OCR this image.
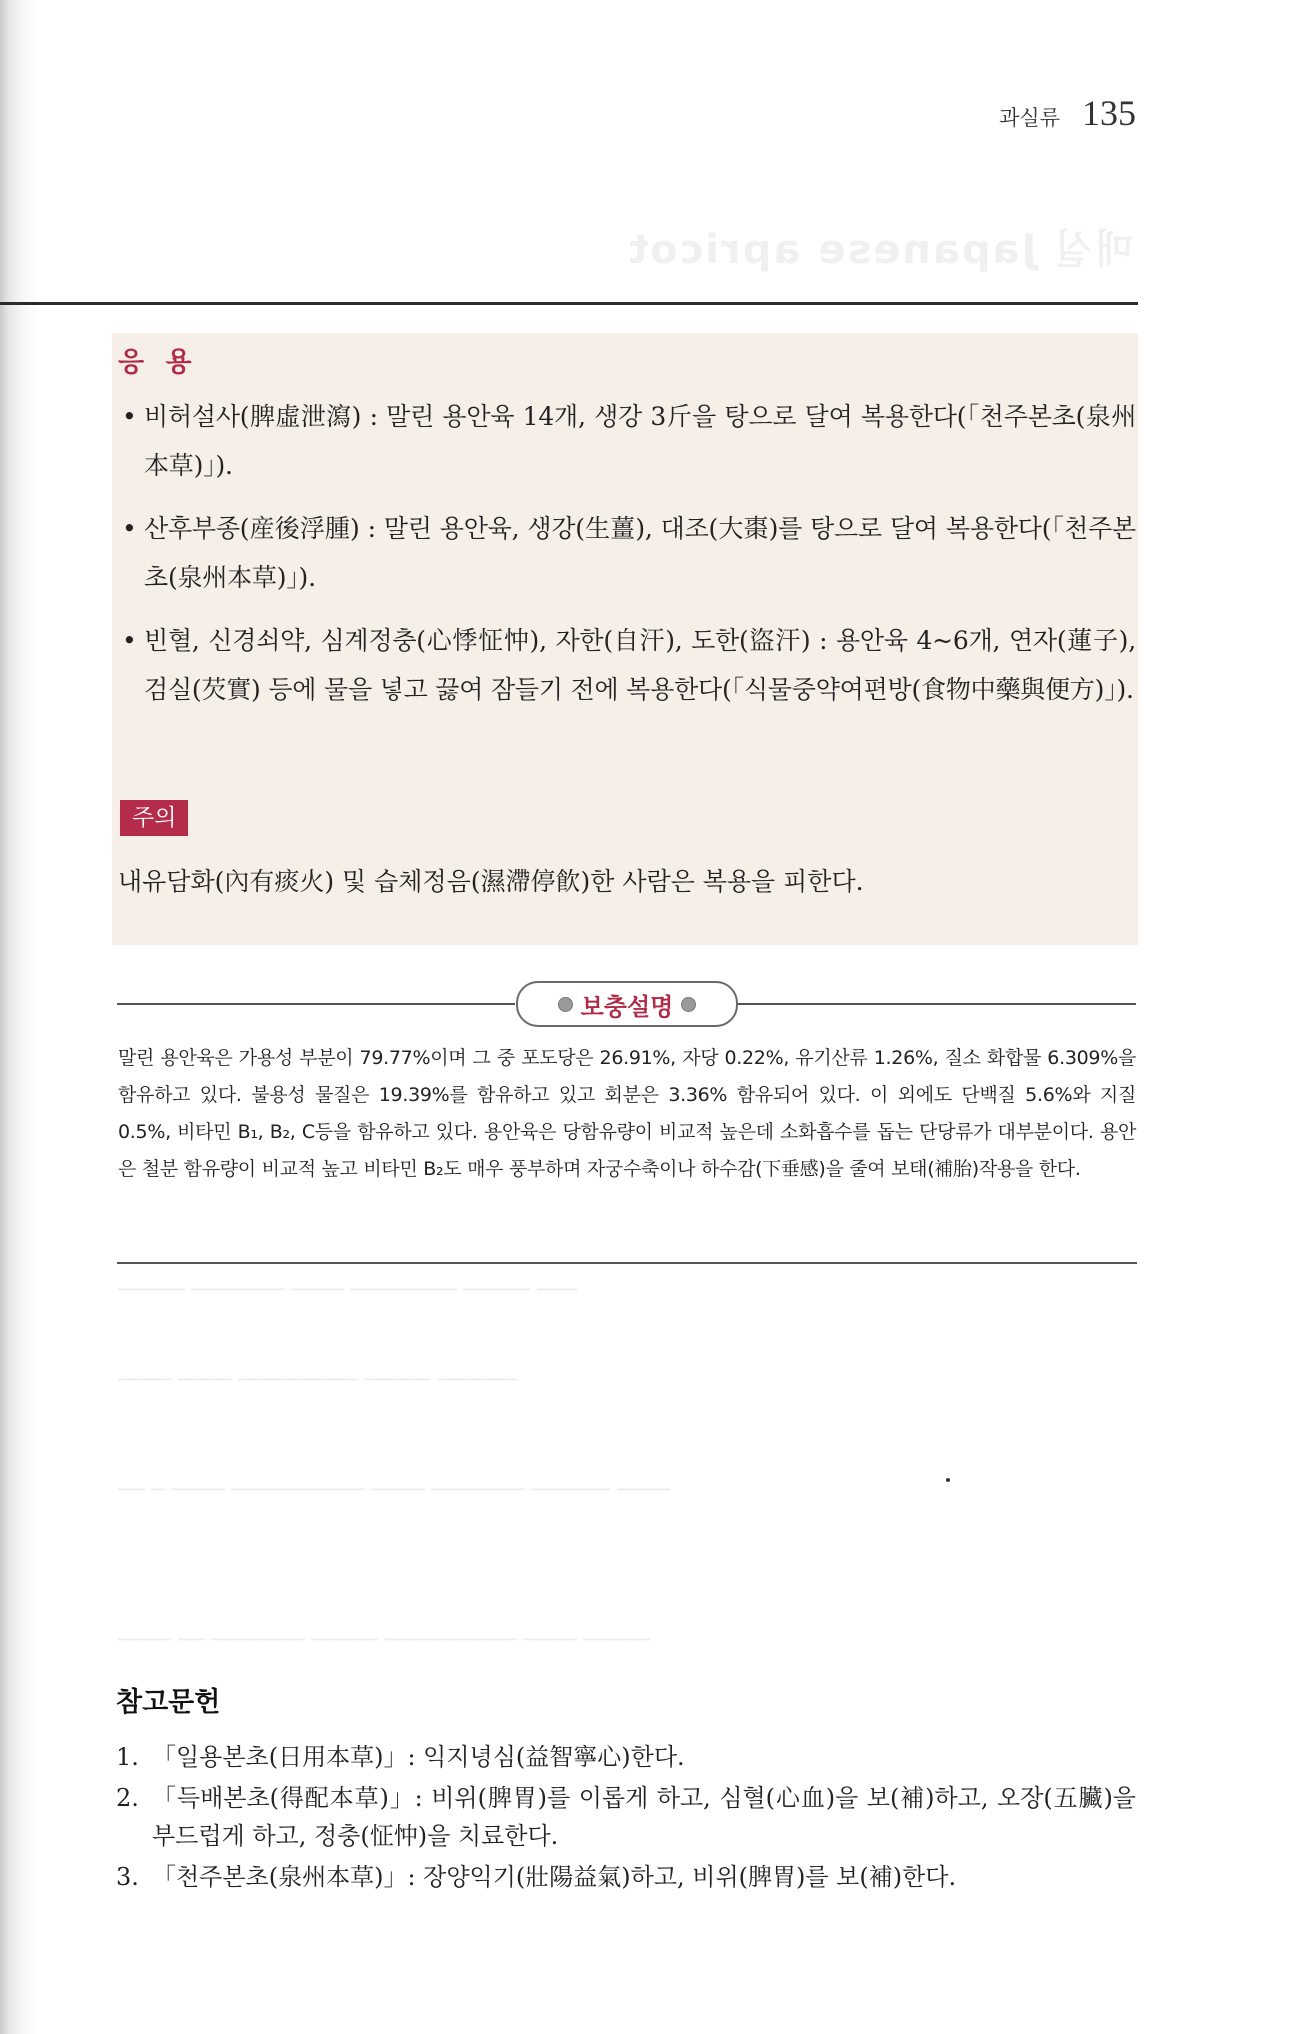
과실류 135
매실 Japanese apricot
응 용
• 비허설사(脾虛泄瀉) : 말린 용안육 14개, 생강 3斤을 탕으로 달여 복용한다(「천주본초(泉州本草)」).
• 산후부종(産後浮腫) : 말린 용안육, 생강(生薑), 대조(大棗)를 탕으로 달여 복용한다(「천주본초(泉州本草)」).
• 빈혈, 신경쇠약, 심계정충(心悸怔忡), 자한(自汗), 도한(盜汗) : 용안육 4~6개, 연자(蓮子), 검실(芡實) 등에 물을 넣고 끓여 잠들기 전에 복용한다(「식물중약여편방(食物中藥與便方)」).
주의
내유담화(內有痰火) 및 습체정음(濕滯停飮)한 사람은 복용을 피한다.
보충설명
말린 용안육은 가용성 부분이 79.77%이며 그 중 포도당은 26.91%, 자당 0.22%, 유기산류 1.26%, 질소 화합물 6.309%을 함유하고 있다. 불용성 물질은 19.39%를 함유하고 있고 회분은 3.36% 함유되어 있다. 이 외에도 단백질 5.6%와 지질 0.5%, 비타민 B₁, B₂, C등을 함유하고 있다. 용안육은 당함유량이 비교적 높은데 소화흡수를 돕는 단당류가 대부분이다. 용안은 철분 함유량이 비교적 높고 비타민 B₂도 매우 풍부하며 자궁수축이나 하수감(下垂感)을 줄여 보태(補胎)작용을 한다.
───── ─────── ──── ──────── ───── ───
──── ──── ───────── ───── ──────
── ─ ──── ────────── ──── ─────── ────── ────
──── ── ─────── ───── ────────── ──── ─────
참고문헌
1. 「일용본초(日用本草)」: 익지녕심(益智寧心)한다.
2. 「득배본초(得配本草)」: 비위(脾胃)를 이롭게 하고, 심혈(心血)을 보(補)하고, 오장(五臟)을 부드럽게 하고, 정충(怔忡)을 치료한다.
3. 「천주본초(泉州本草)」: 장양익기(壯陽益氣)하고, 비위(脾胃)를 보(補)한다.
